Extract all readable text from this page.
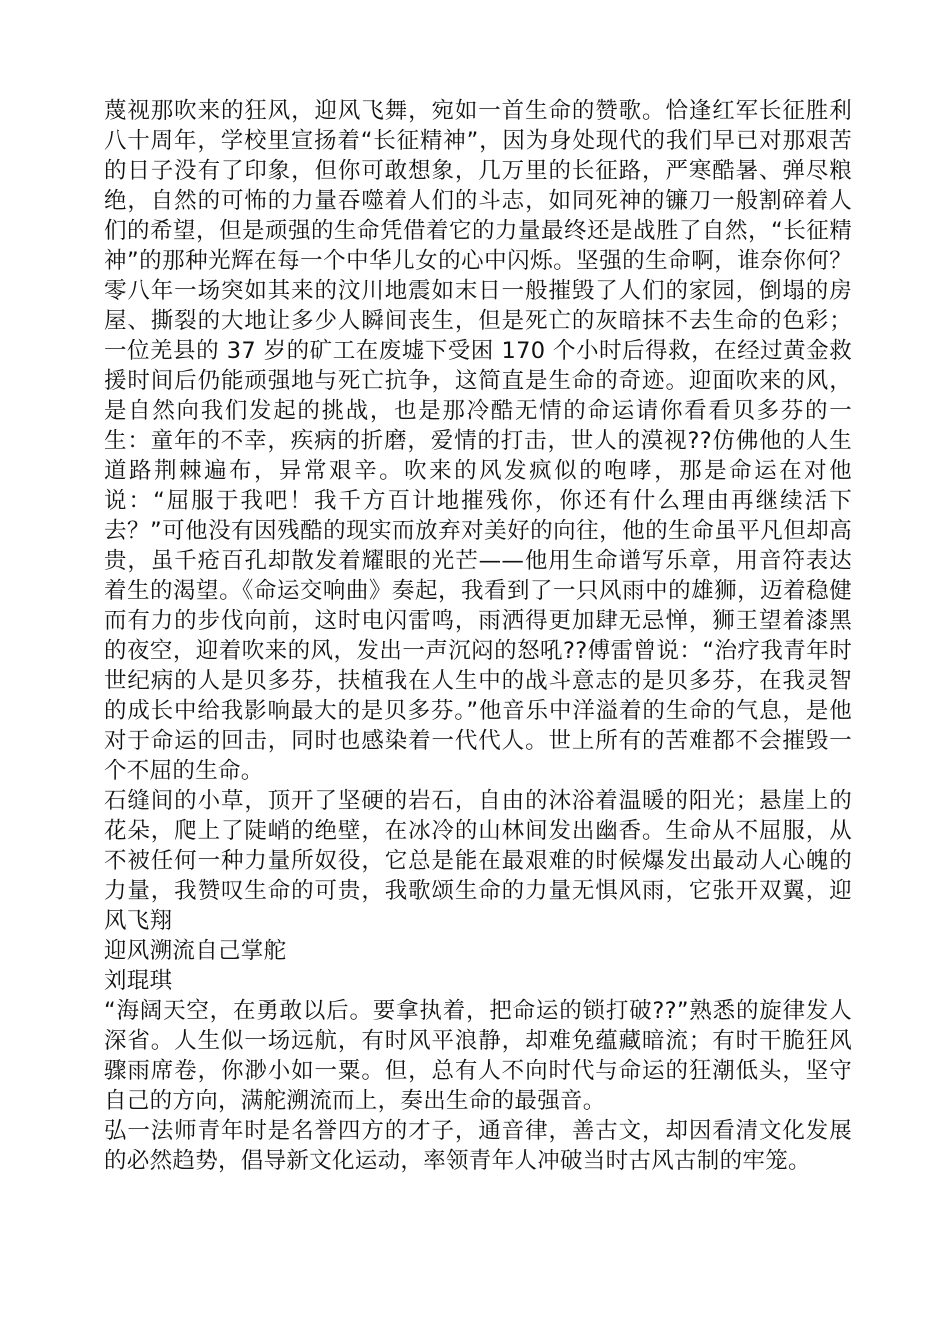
蔑视那吹来的狂风，迎风飞舞，宛如一首生命的赞歌。恰逢红军长征胜利八十周年，学校里宣扬着“长征精神”，因为身处现代的我们早已对那艰苦的日子没有了印象，但你可敢想象，几万里的长征路，严寒酷暑、弹尽粮绝，自然的可怖的力量吞噬着人们的斗志，如同死神的镰刀一般割碎着人们的希望，但是顽强的生命凭借着它的力量最终还是战胜了自然，“长征精神”的那种光辉在每一个中华儿女的心中闪烁。坚强的生命啊，谁奈你何？零八年一场突如其来的汶川地震如末日一般摧毁了人们的家园，倒塌的房屋、撕裂的大地让多少人瞬间丧生，但是死亡的灰暗抹不去生命的色彩；一位羌县的 37 岁的矿工在废墟下受困 170 个小时后得救，在经过黄金救援时间后仍能顽强地与死亡抗争，这简直是生命的奇迹。迎面吹来的风，是自然向我们发起的挑战，也是那冷酷无情的命运请你看看贝多芬的一生：童年的不幸，疾病的折磨，爱情的打击，世人的漠视??仿佛他的人生道路荆棘遍布，异常艰辛。吹来的风发疯似的咆哮，那是命运在对他说：“屈服于我吧！我千方百计地摧残你，你还有什么理由再继续活下去？”可他没有因残酷的现实而放弃对美好的向往，他的生命虽平凡但却高贵，虽千疮百孔却散发着耀眼的光芒——他用生命谱写乐章，用音符表达着生的渴望。《命运交响曲》奏起，我看到了一只风雨中的雄狮，迈着稳健而有力的步伐向前，这时电闪雷鸣，雨洒得更加肆无忌惮，狮王望着漆黑的夜空，迎着吹来的风，发出一声沉闷的怒吼??傅雷曾说：“治疗我青年时世纪病的人是贝多芬，扶植我在人生中的战斗意志的是贝多芬，在我灵智的成长中给我影响最大的是贝多芬。”他音乐中洋溢着的生命的气息，是他对于命运的回击，同时也感染着一代代人。世上所有的苦难都不会摧毁一个不屈的生命。

石缝间的小草，顶开了坚硬的岩石，自由的沐浴着温暖的阳光；悬崖上的花朵，爬上了陡峭的绝壁，在冰冷的山林间发出幽香。生命从不屈服，从不被任何一种力量所奴役，它总是能在最艰难的时候爆发出最动人心魄的力量，我赞叹生命的可贵，我歌颂生命的力量无惧风雨，它张开双翼，迎风飞翔

迎风溯流自己掌舵

刘琨琪

“海阔天空，在勇敢以后。要拿执着，把命运的锁打破??”熟悉的旋律发人深省。人生似一场远航，有时风平浪静，却难免蕴藏暗流；有时干脆狂风骤雨席卷，你渺小如一粟。但，总有人不向时代与命运的狂潮低头，坚守自己的方向，满舵溯流而上，奏出生命的最强音。

弘一法师青年时是名誉四方的才子，通音律，善古文，却因看清文化发展的必然趋势，倡导新文化运动，率领青年人冲破当时古风古制的牢笼。
